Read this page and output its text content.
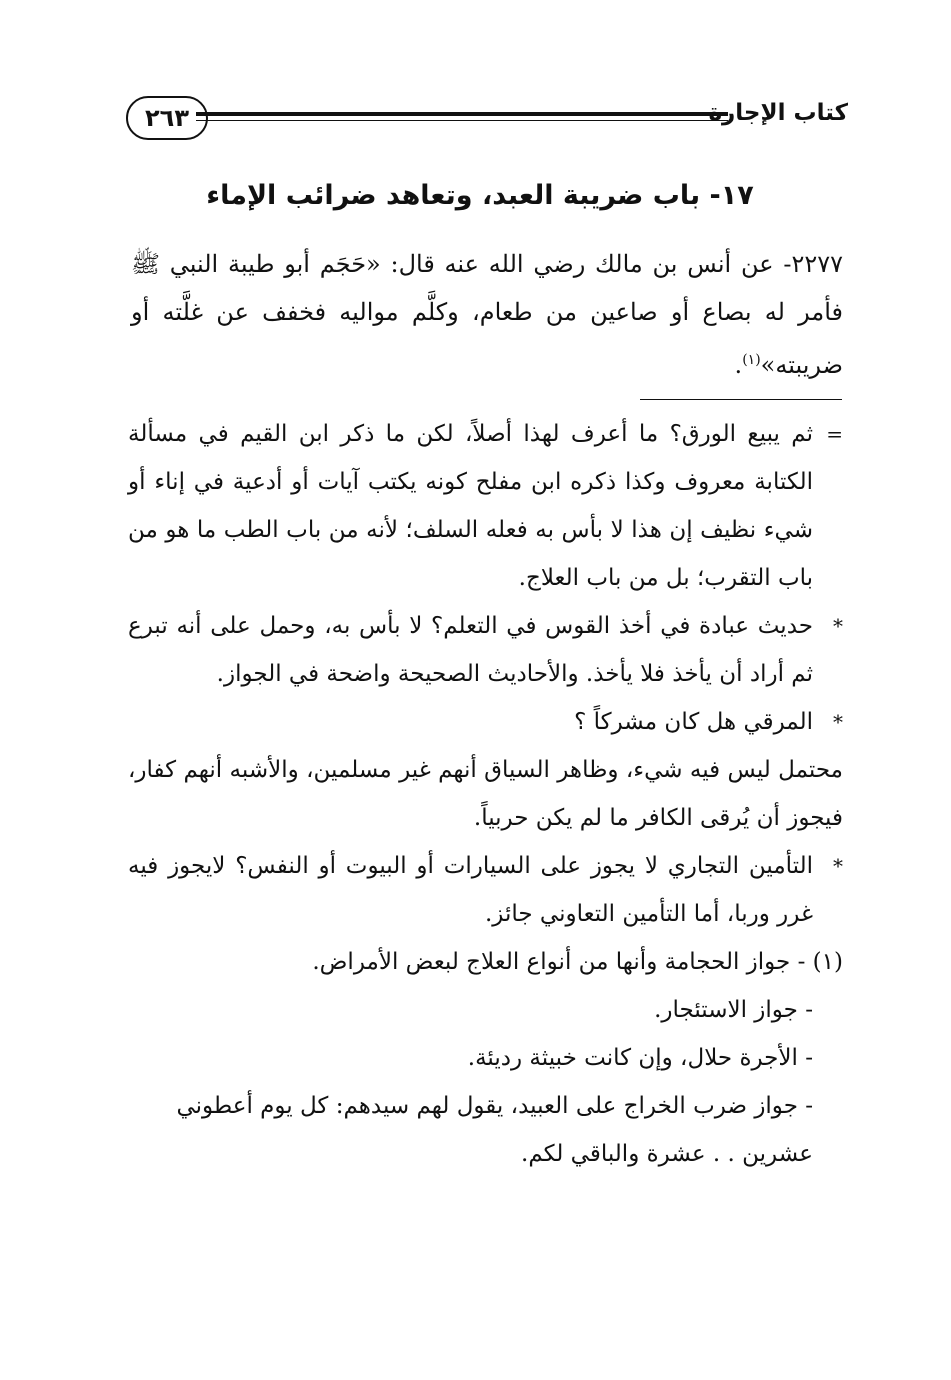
كتاب الإجارة
٢٦٣
١٧- باب ضريبة العبد، وتعاهد ضرائب الإماء
٢٢٧٧- عن أنس بن مالك رضي الله عنه قال: «حَجَم أبو طيبة النبي ﷺ فأمر له بصاع أو صاعين من طعام، وكلَّم مواليه فخفف عن غلَّته أو ضريبته»$^{(١)}$.

=
ثم يبيع الورق؟ ما أعرف لهذا أصلاً، لكن ما ذكر ابن القيم في مسألة الكتابة معروف وكذا ذكره ابن مفلح كونه يكتب آيات أو أدعية في إناء أو شيء نظيف إن هذا لا بأس به فعله السلف؛ لأنه من باب الطب ما هو من باب التقرب؛ بل من باب العلاج.

*
حديث عبادة في أخذ القوس في التعلم؟ لا بأس به، وحمل على أنه تبرع ثم أراد أن يأخذ فلا يأخذ. والأحاديث الصحيحة واضحة في الجواز.

*
المرقي هل كان مشركاً ؟

محتمل ليس فيه شيء، وظاهر السياق أنهم غير مسلمين، والأشبه أنهم كفار، فيجوز أن يُرقى الكافر ما لم يكن حربياً.

*
التأمين التجاري لا يجوز على السيارات أو البيوت أو النفس؟ لايجوز فيه غرر وربا، أما التأمين التعاوني جائز.

(١) - جواز الحجامة وأنها من أنواع العلاج لبعض الأمراض.

- جواز الاستئجار.

- الأجرة حلال، وإن كانت خبيثة رديئة.

- جواز ضرب الخراج على العبيد، يقول لهم سيدهم: كل يوم أعطوني عشرين . . عشرة والباقي لكم.
